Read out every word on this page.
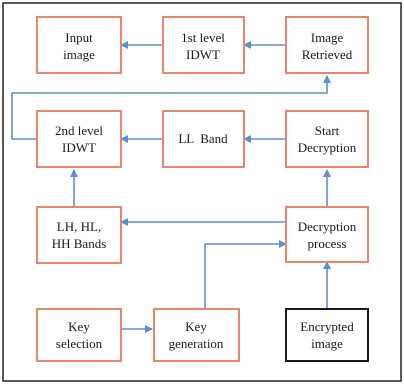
Input
image
1st level
IDWT
Image
Retrieved
2nd level
IDWT
LL  Band
Start
Decryption
LH, HL,
HH Bands
Decryption
process
Key
selection
Key
generation
Encrypted
image
